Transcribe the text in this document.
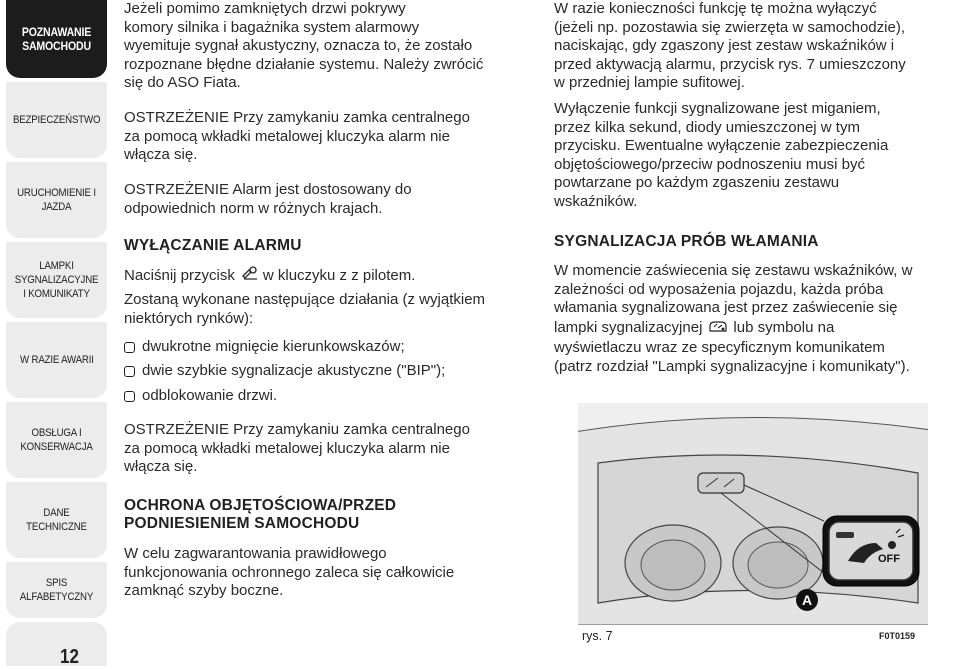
POZNAWANIE SAMOCHODU
BEZPIECZEŃSTWO
URUCHOMIENIE I JAZDA
LAMPKI SYGNALIZACYJNE I KOMUNIKATY
W RAZIE AWARII
OBSŁUGA I KONSERWACJA
DANE TECHNICZNE
SPIS ALFABETYCZNY
12
Jeżeli pomimo zamkniętych drzwi pokrywy
komory silnika i bagażnika system alarmowy
wyemituje sygnał akustyczny, oznacza to, że zostało
rozpoznane błędne działanie systemu. Należy zwrócić
się do ASO Fiata.
OSTRZEŻENIE Przy zamykaniu zamka centralnego
za pomocą wkładki metalowej kluczyka alarm nie
włącza się.
OSTRZEŻENIE Alarm jest dostosowany do
odpowiednich norm w różnych krajach.
WYŁĄCZANIE ALARMU
Naciśnij przycisk w kluczyku z z pilotem.
Zostaną wykonane następujące działania (z wyjątkiem
niektórych rynków):
dwukrotne mignięcie kierunkowskazów;
dwie szybkie sygnalizacje akustyczne ("BIP");
odblokowanie drzwi.
OSTRZEŻENIE Przy zamykaniu zamka centralnego
za pomocą wkładki metalowej kluczyka alarm nie
włącza się.
OCHRONA OBJĘTOŚCIOWA/PRZED
PODNIESIENIEM SAMOCHODU
W celu zagwarantowania prawidłowego
funkcjonowania ochronnego zaleca się całkowicie
zamknąć szyby boczne.
W razie konieczności funkcję tę można wyłączyć
(jeżeli np. pozostawia się zwierzęta w samochodzie),
naciskając, gdy zgaszony jest zestaw wskaźników i
przed aktywacją alarmu, przycisk rys. 7 umieszczony
w przedniej lampie sufitowej.
Wyłączenie funkcji sygnalizowane jest miganiem,
przez kilka sekund, diody umieszczonej w tym
przycisku. Ewentualne wyłączenie zabezpieczenia
objętościowego/przeciw podnoszeniu musi być
powtarzane po każdym zgaszeniu zestawu
wskaźników.
SYGNALIZACJA PRÓB WŁAMANIA
W momencie zaświecenia się zestawu wskaźników, w
zależności od wyposażenia pojazdu, każda próba
włamania sygnalizowana jest przez zaświecenie się
lampki sygnalizacyjnej lub symbolu na
wyświetlaczu wraz ze specyficznym komunikatem
(patrz rozdział "Lampki sygnalizacyjne i komunikaty").
OFF
A
rys. 7	F0T0159
